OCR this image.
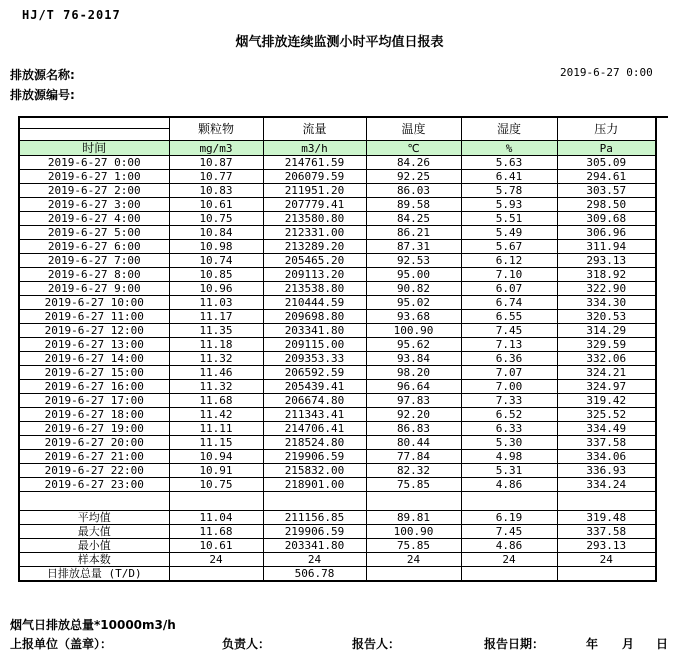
HJ/T 76-2017
烟气排放连续监测小时平均值日报表
排放源名称:
排放源编号:
2019-6-27 0:00
	颗粒物	流量	温度	湿度	压力
时间	mg/m3	m3/h	℃	%	Pa
2019-6-27 0:00	10.87	214761.59	84.26	5.63	305.09
2019-6-27 1:00	10.77	206079.59	92.25	6.41	294.61
2019-6-27 2:00	10.83	211951.20	86.03	5.78	303.57
2019-6-27 3:00	10.61	207779.41	89.58	5.93	298.50
2019-6-27 4:00	10.75	213580.80	84.25	5.51	309.68
2019-6-27 5:00	10.84	212331.00	86.21	5.49	306.96
2019-6-27 6:00	10.98	213289.20	87.31	5.67	311.94
2019-6-27 7:00	10.74	205465.20	92.53	6.12	293.13
2019-6-27 8:00	10.85	209113.20	95.00	7.10	318.92
2019-6-27 9:00	10.96	213538.80	90.82	6.07	322.90
2019-6-27 10:00	11.03	210444.59	95.02	6.74	334.30
2019-6-27 11:00	11.17	209698.80	93.68	6.55	320.53
2019-6-27 12:00	11.35	203341.80	100.90	7.45	314.29
2019-6-27 13:00	11.18	209115.00	95.62	7.13	329.59
2019-6-27 14:00	11.32	209353.33	93.84	6.36	332.06
2019-6-27 15:00	11.46	206592.59	98.20	7.07	324.21
2019-6-27 16:00	11.32	205439.41	96.64	7.00	324.97
2019-6-27 17:00	11.68	206674.80	97.83	7.33	319.42
2019-6-27 18:00	11.42	211343.41	92.20	6.52	325.52
2019-6-27 19:00	11.11	214706.41	86.83	6.33	334.49
2019-6-27 20:00	11.15	218524.80	80.44	5.30	337.58
2019-6-27 21:00	10.94	219906.59	77.84	4.98	334.06
2019-6-27 22:00	10.91	215832.00	82.32	5.31	336.93
2019-6-27 23:00	10.75	218901.00	75.85	4.86	334.24

平均值	11.04	211156.85	89.81	6.19	319.48
最大值	11.68	219906.59	100.90	7.45	337.58
最小值	10.61	203341.80	75.85	4.86	293.13
样本数	24	24	24	24	24
日排放总量 (T/D)		506.78			
烟气日排放总量*10000m3/h
上报单位（盖章）：	负责人：	报告人：	报告日期：	年 月 日
